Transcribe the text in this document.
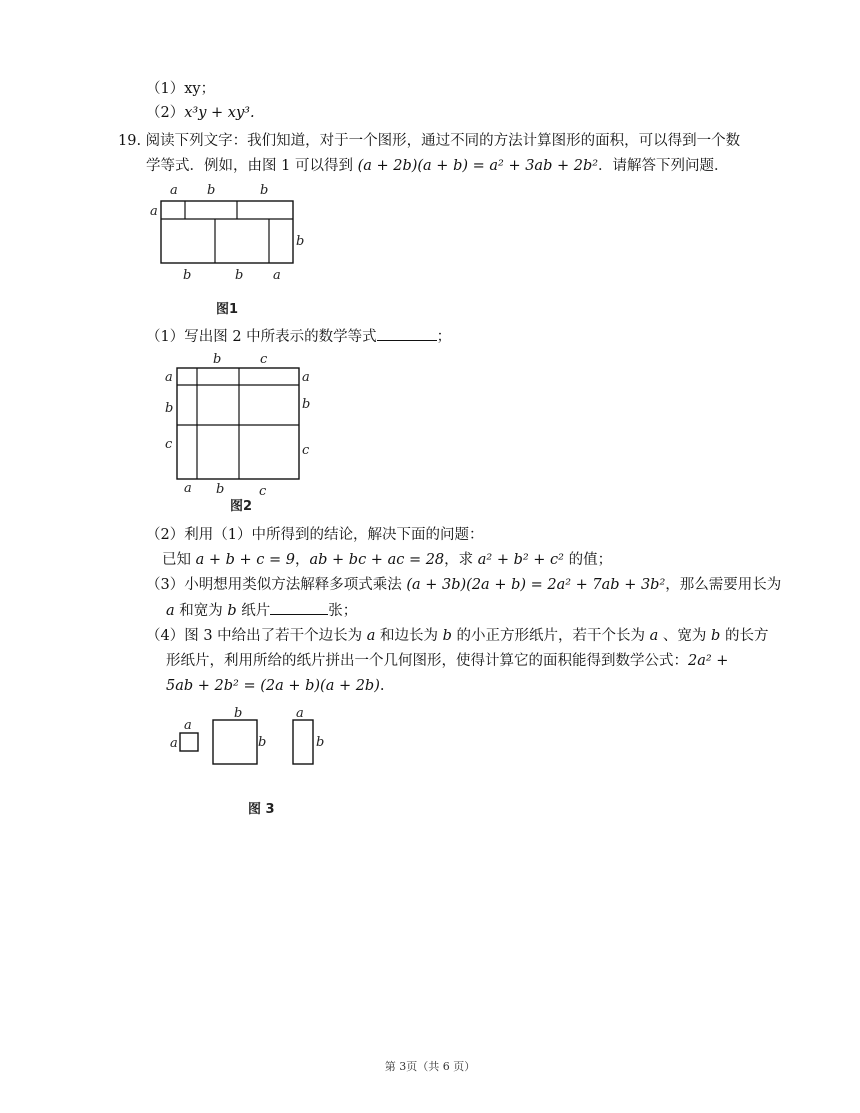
（1）xy；
（2）x³y + xy³.
19. 阅读下列文字：我们知道，对于一个图形，通过不同的方法计算图形的面积，可以得到一个数
学等式．例如，由图 1 可以得到 (a + 2b)(a + b) = a² + 3ab + 2b²．请解答下列问题．
a b	b
a
b
b	b a
图1
（1）写出图 2 中所表示的数学等式	；
b	c
a
b
c
a
b
c
a b	c
图2
（2）利用（1）中所得到的结论，解决下面的问题：
已知 a + b + c = 9，ab + bc + ac = 28，求 a² + b² + c² 的值；
（3）小明想用类似方法解释多项式乘法 (a + 3b)(2a + b) = 2a² + 7ab + 3b²，那么需要用长为
a 和宽为 b 纸片	张；
（4）图 3 中给出了若干个边长为 a 和边长为 b 的小正方形纸片，若干个长为 a 、宽为 b 的长方
形纸片，利用所给的纸片拼出一个几何图形，使得计算它的面积能得到数学公式：2a² +
5ab + 2b² = (2a + b)(a + 2b).
a
a
b
b
a
b
图 3
第 3页（共 6 页）
